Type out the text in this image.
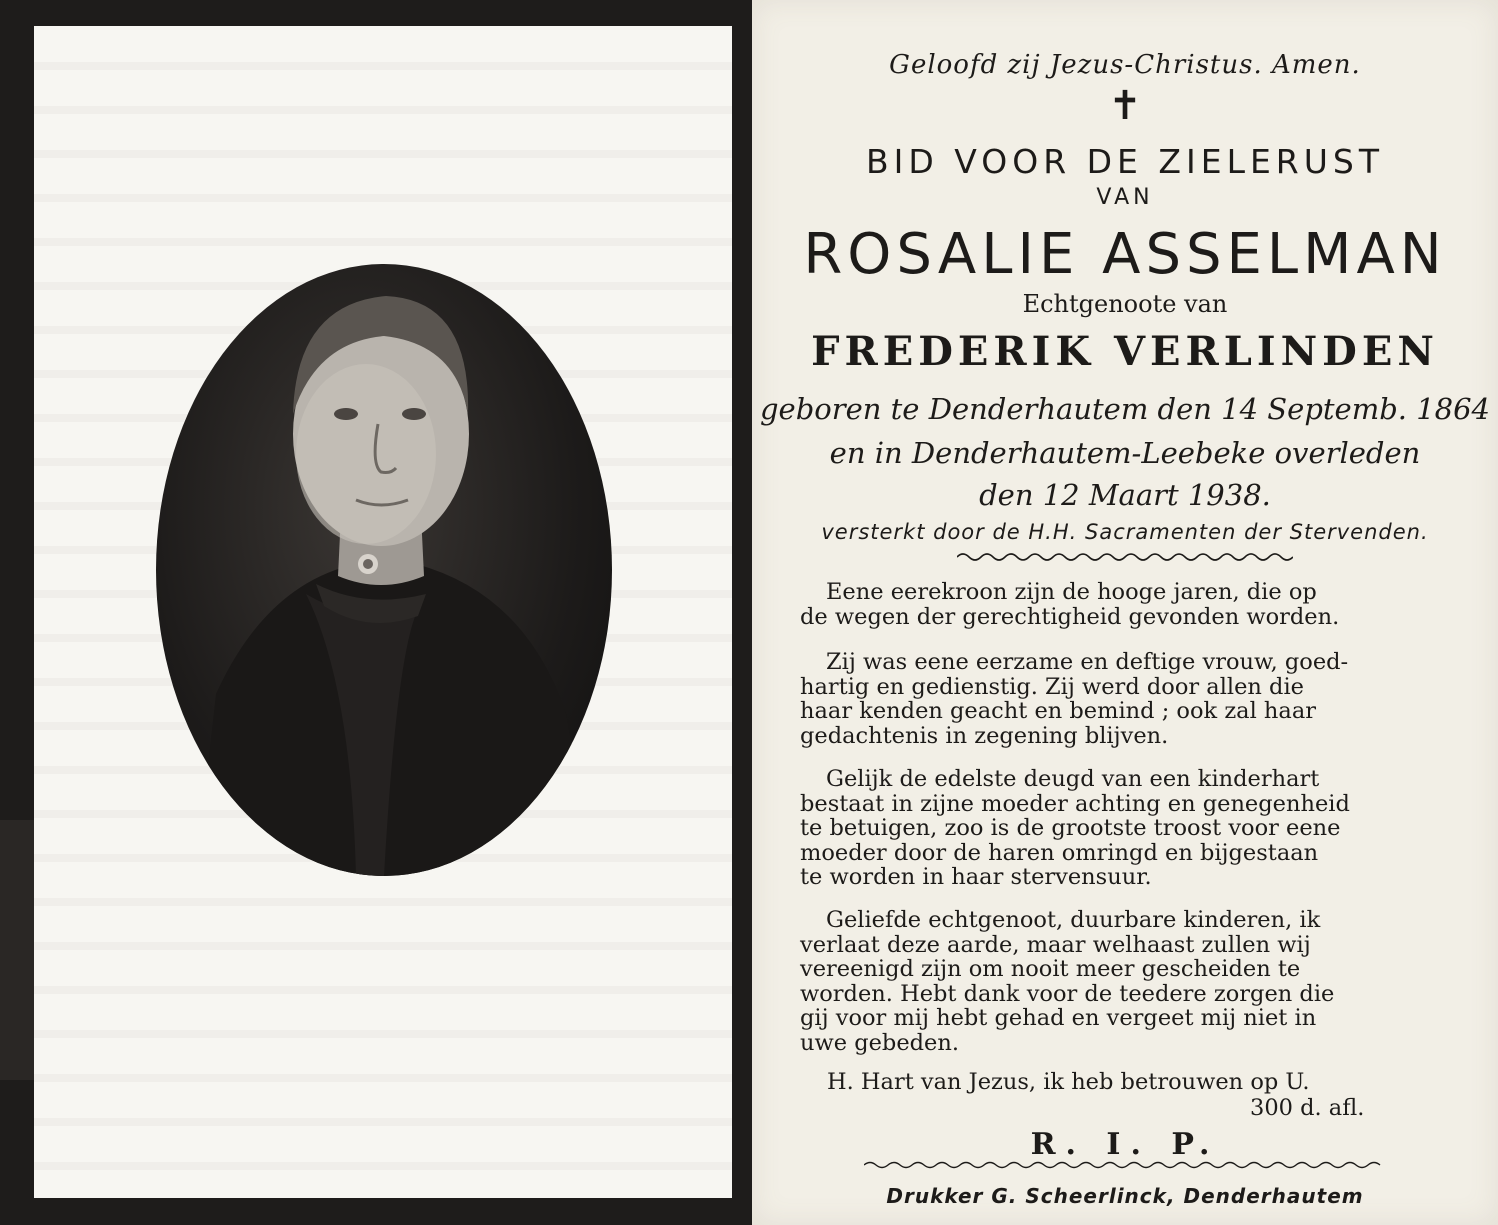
Geloofd zij Jezus-Christus. Amen.
✝
BID VOOR DE ZIELERUST
VAN
ROSALIE ASSELMAN
Echtgenoote van
FREDERIK VERLINDEN
geboren te Denderhautem den 14 Septemb. 1864
en in Denderhautem-Leebeke overleden
den 12 Maart 1938.
versterkt door de H.H. Sacramenten der Stervenden.
Eene eerekroon zijn de hooge jaren, die op
de wegen der gerechtigheid gevonden worden.
Zij was eene eerzame en deftige vrouw, goed-
hartig en gedienstig. Zij werd door allen die
haar kenden geacht en bemind ; ook zal haar
gedachtenis in zegening blijven.
Gelijk de edelste deugd van een kinderhart
bestaat in zijne moeder achting en genegenheid
te betuigen, zoo is de grootste troost voor eene
moeder door de haren omringd en bijgestaan
te worden in haar stervensuur.
Geliefde echtgenoot, duurbare kinderen, ik
verlaat deze aarde, maar welhaast zullen wij
vereenigd zijn om nooit meer gescheiden te
worden. Hebt dank voor de teedere zorgen die
gij voor mij hebt gehad en vergeet mij niet in
uwe gebeden.
H. Hart van Jezus, ik heb betrouwen op U.
300 d. afl.
R. I. P.
Drukker G. Scheerlinck, Denderhautem
